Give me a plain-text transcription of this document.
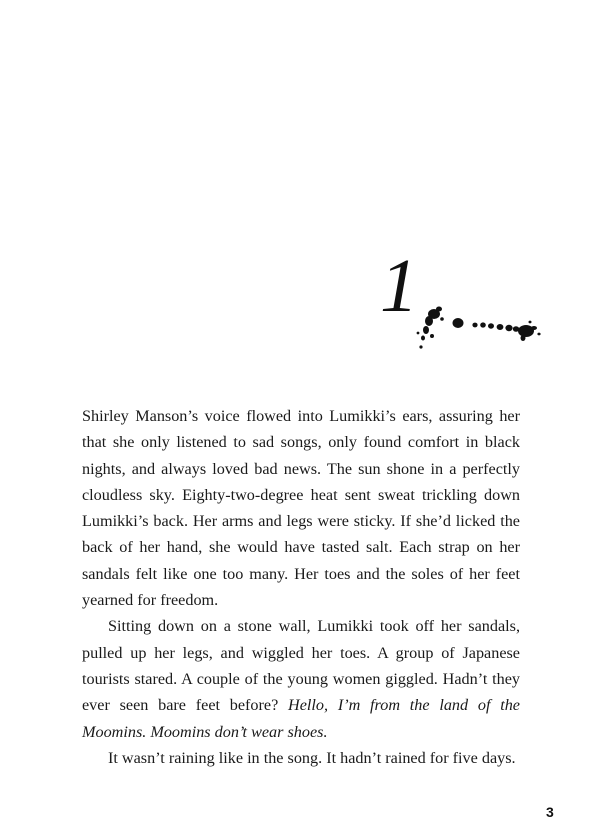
1

Shirley Manson’s voice flowed into Lumikki’s ears, assuring her that she only listened to sad songs, only found comfort in black nights, and always loved bad news. The sun shone in a perfectly cloudless sky. Eighty-two-degree heat sent sweat trickling down Lumikki’s back. Her arms and legs were sticky. If she’d licked the back of her hand, she would have tasted salt. Each strap on her sandals felt like one too many. Her toes and the soles of her feet yearned for freedom.

Sitting down on a stone wall, Lumikki took off her sandals, pulled up her legs, and wiggled her toes. A group of Japanese tourists stared. A couple of the young women giggled. Hadn’t they ever seen bare feet before? Hello, I’m from the land of the Moomins. Moomins don’t wear shoes.

It wasn’t raining like in the song. It hadn’t rained for five days.

3
